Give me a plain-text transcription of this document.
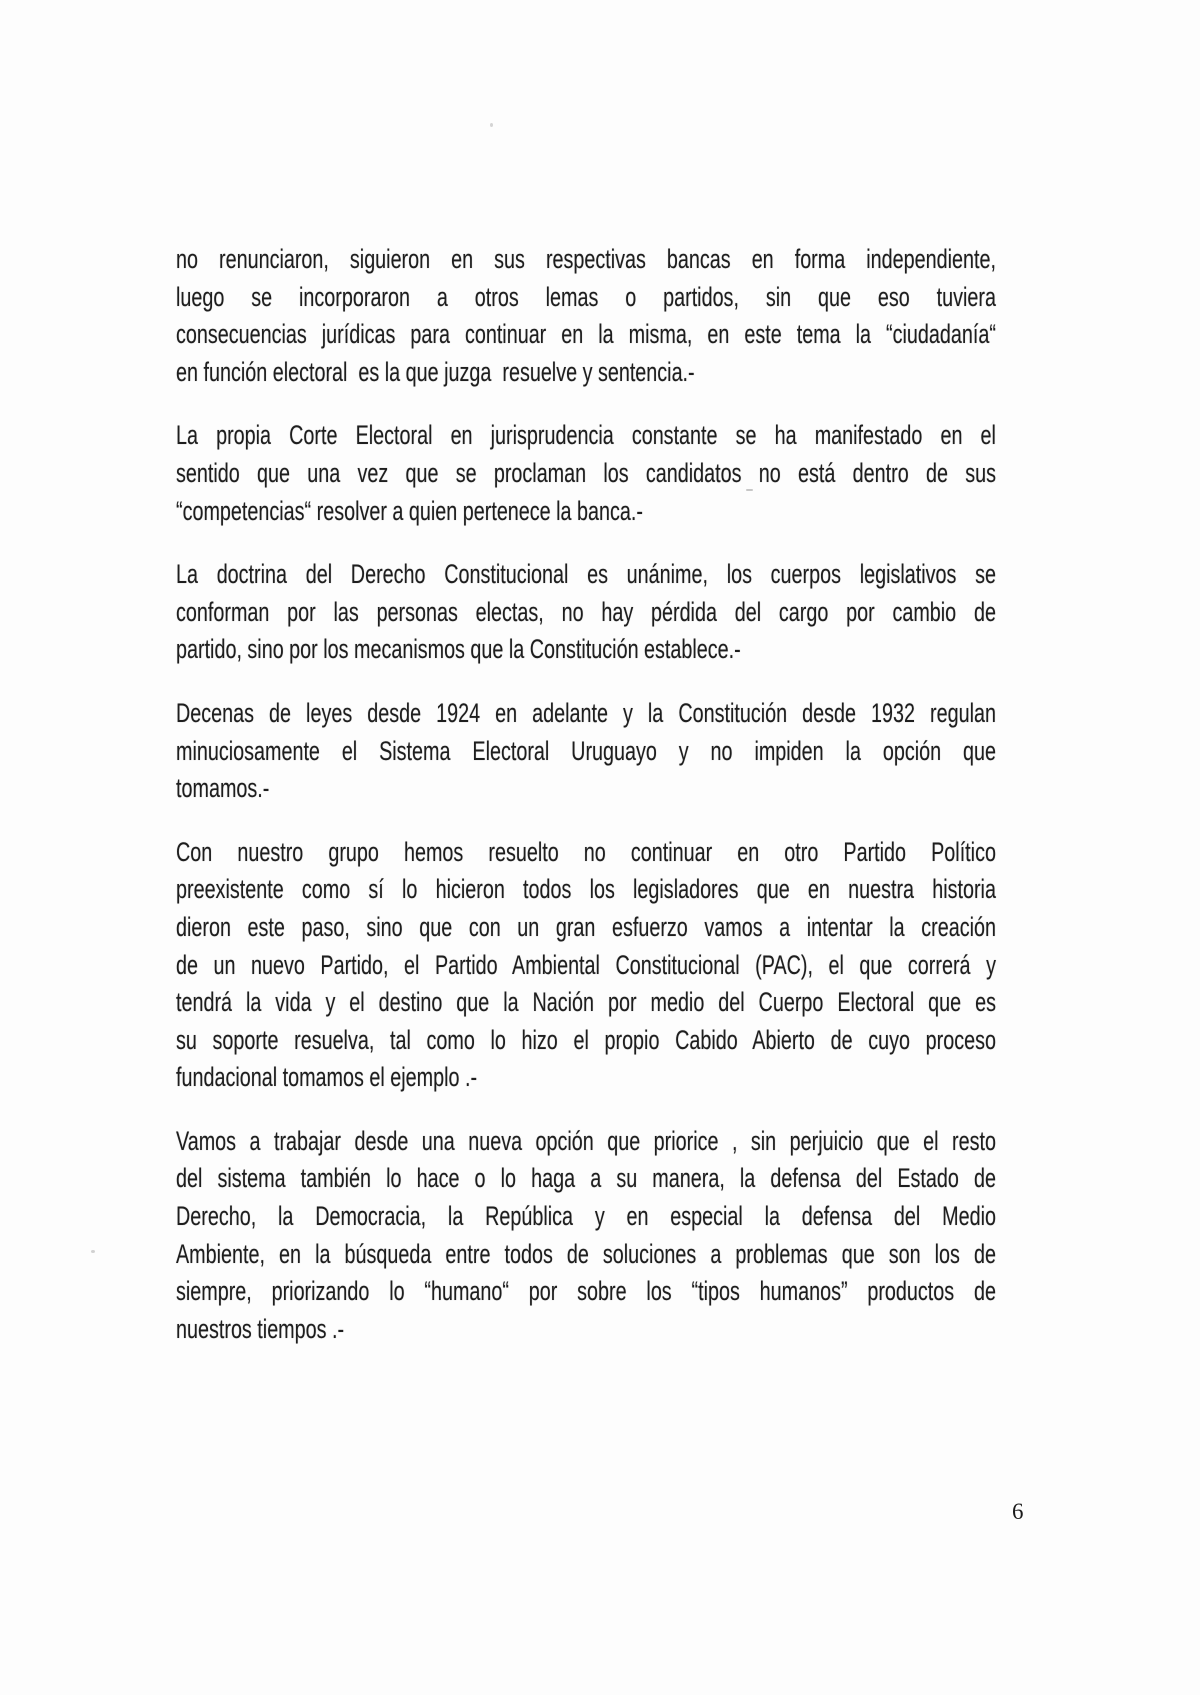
no renunciaron, siguieron en sus respectivas bancas en forma independiente,
luego se incorporaron a otros lemas o partidos, sin que eso tuviera
consecuencias jurídicas para continuar en la misma, en este tema la “ciudadanía“
en función electoral  es la que juzga  resuelve y sentencia.-
La propia Corte Electoral en jurisprudencia constante se ha manifestado en el
sentido que una vez que se proclaman los candidatos no está dentro de sus
“competencias“ resolver a quien pertenece la banca.-
La doctrina del Derecho Constitucional es unánime, los cuerpos legislativos se
conforman por las personas electas, no hay pérdida del cargo por cambio de
partido, sino por los mecanismos que la Constitución establece.-
Decenas de leyes desde 1924 en adelante y la Constitución desde 1932 regulan
minuciosamente el Sistema Electoral Uruguayo y no impiden la opción que
tomamos.-
Con nuestro grupo hemos resuelto no continuar en otro Partido Político
preexistente como sí lo hicieron todos los legisladores que en nuestra historia
dieron este paso, sino que con un gran esfuerzo vamos a intentar la creación
de un nuevo Partido, el Partido Ambiental Constitucional (PAC), el que correrá y
tendrá la vida y el destino que la Nación por medio del Cuerpo Electoral que es
su soporte resuelva, tal como lo hizo el propio Cabido Abierto de cuyo proceso
fundacional tomamos el ejemplo .-
Vamos a trabajar desde una nueva opción que priorice , sin perjuicio que el resto
del sistema también lo hace o lo haga a su manera, la defensa del Estado de
Derecho, la Democracia, la República y en especial la defensa del Medio
Ambiente, en la búsqueda entre todos de soluciones a problemas que son los de
siempre, priorizando lo “humano“ por sobre los “tipos humanos” productos de
nuestros tiempos .-
6
